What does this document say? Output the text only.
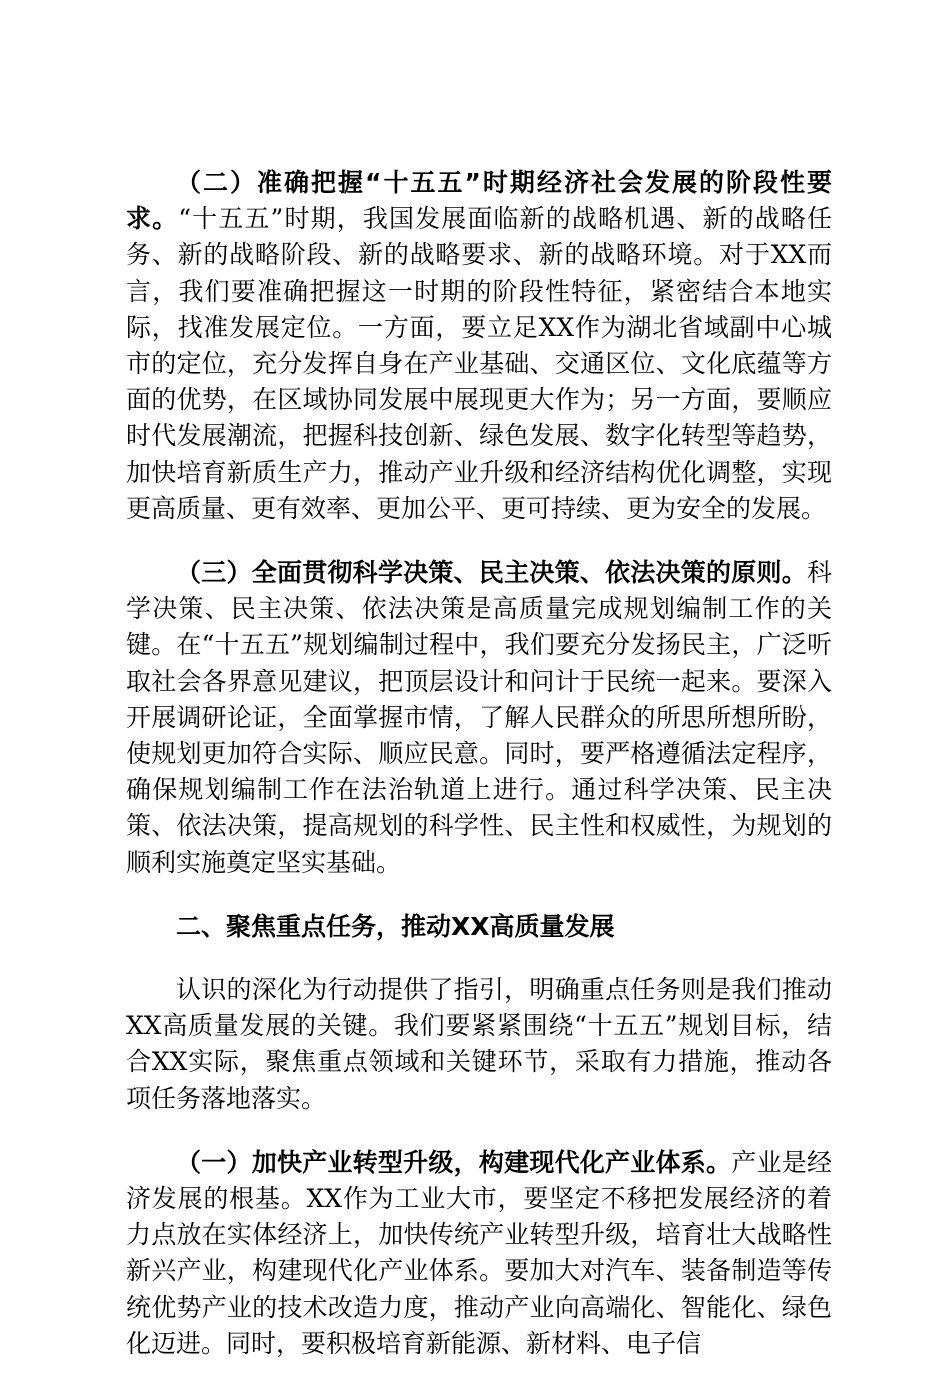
（二）准确把握“十五五”时期经济社会发展的阶段性要求。“十五五”时期，我国发展面临新的战略机遇、新的战略任务、新的战略阶段、新的战略要求、新的战略环境。对于XX而言，我们要准确把握这一时期的阶段性特征，紧密结合本地实际，找准发展定位。一方面，要立足XX作为湖北省域副中心城市的定位，充分发挥自身在产业基础、交通区位、文化底蕴等方面的优势，在区域协同发展中展现更大作为；另一方面，要顺应时代发展潮流，把握科技创新、绿色发展、数字化转型等趋势，加快培育新质生产力，推动产业升级和经济结构优化调整，实现更高质量、更有效率、更加公平、更可持续、更为安全的发展。

（三）全面贯彻科学决策、民主决策、依法决策的原则。科学决策、民主决策、依法决策是高质量完成规划编制工作的关键。在“十五五”规划编制过程中，我们要充分发扬民主，广泛听取社会各界意见建议，把顶层设计和问计于民统一起来。要深入开展调研论证，全面掌握市情，了解人民群众的所思所想所盼，使规划更加符合实际、顺应民意。同时，要严格遵循法定程序，确保规划编制工作在法治轨道上进行。通过科学决策、民主决策、依法决策，提高规划的科学性、民主性和权威性，为规划的顺利实施奠定坚实基础。

二、聚焦重点任务，推动XX高质量发展

认识的深化为行动提供了指引，明确重点任务则是我们推动XX高质量发展的关键。我们要紧紧围绕“十五五”规划目标，结合XX实际，聚焦重点领域和关键环节，采取有力措施，推动各项任务落地落实。

（一）加快产业转型升级，构建现代化产业体系。产业是经济发展的根基。XX作为工业大市，要坚定不移把发展经济的着力点放在实体经济上，加快传统产业转型升级，培育壮大战略性新兴产业，构建现代化产业体系。要加大对汽车、装备制造等传统优势产业的技术改造力度，推动产业向高端化、智能化、绿色化迈进。同时，要积极培育新能源、新材料、电子信
